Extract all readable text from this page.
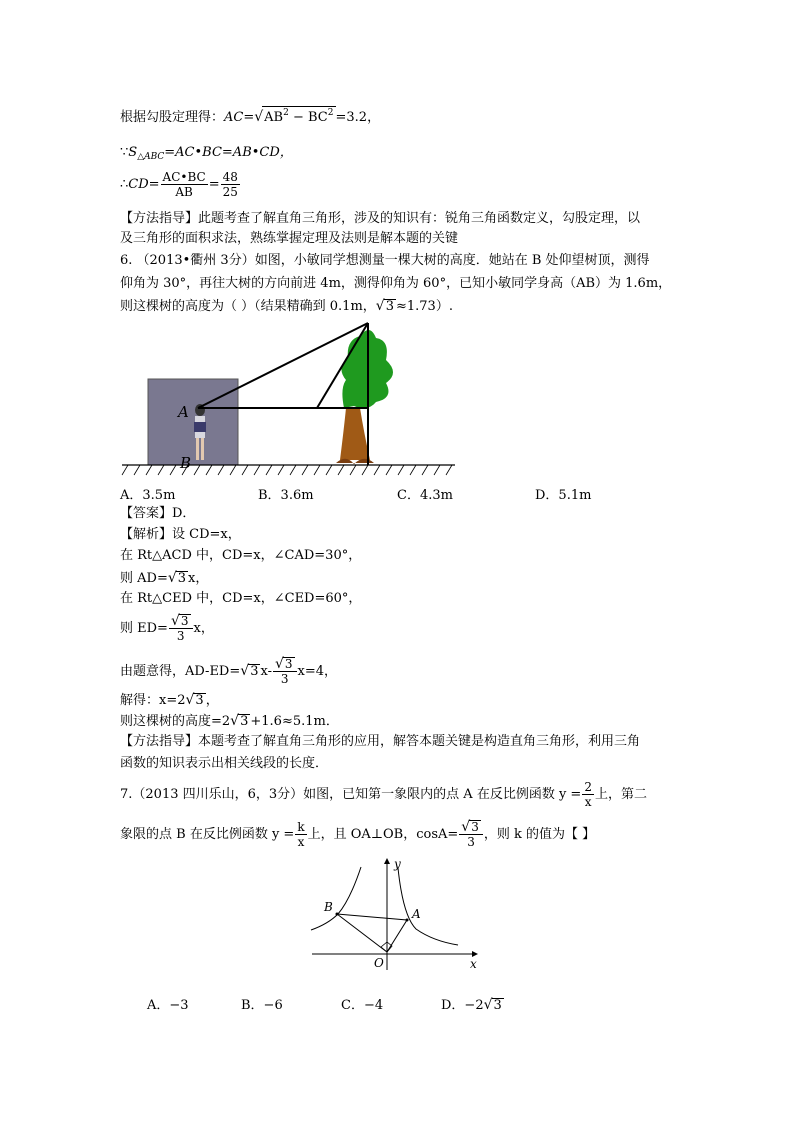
根据勾股定理得：$AC=√AB^2 - BC^2 =3.2$，
$\because S_{\triangle ABC}=AC•BC=AB•CD$，
∴CD= $\frac{AC•BC}{AB} = \frac{48}{25}$
【方法指导】此题考查了解直角三角形，涉及的知识有：锐角三角函数定义，勾股定理，以
及三角形的面积求法，熟练掌握定理及法则是解本题的关键
6. （2013•衢州 3分）如图，小敏同学想测量一棵大树的高度．她站在 B 处仰望树顶，测得
仰角为 30°，再往大树的方向前进 4m，测得仰角为 60°，已知小敏同学身高（AB）为 1.6m，
则这棵树的高度为（ ）（结果精确到 0.1m，√3 ≈1.73）.
A
B
A．3.5m	B．3.6m	C．4.3m	D．5.1m
【答案】D．
【解析】设 CD=x，
在 Rt△ACD 中，CD=x，∠CAD=30°，
则 AD=√3 x，
在 Rt△CED 中，CD=x，∠CED=60°，
则 $ED= \frac{√3}{3}$ x，
由题意得，AD-ED=√3 $x- \frac{√3}{3} x=4$，
解得：x=2√3 ，
则这棵树的高度=2√3 +1.6≈5.1m．
【方法指导】本题考查了解直角三角形的应用，解答本题关键是构造直角三角形，利用三角
函数的知识表示出相关线段的长度．
7.（2013 四川乐山，6，3分）如图，已知第一象限内的点 A 在反比例函数 $y = \frac{2}{x}$ 上，第二
象限的点 B 在反比例函数 $y = \frac{k}{x}$ 上，且 OA⊥OB，$\cos A= \frac{√3}{3}$ ，则 k 的值为【 】
y
x
O
A
B
A．−3	B．−6	C．−4	D．−2√3
